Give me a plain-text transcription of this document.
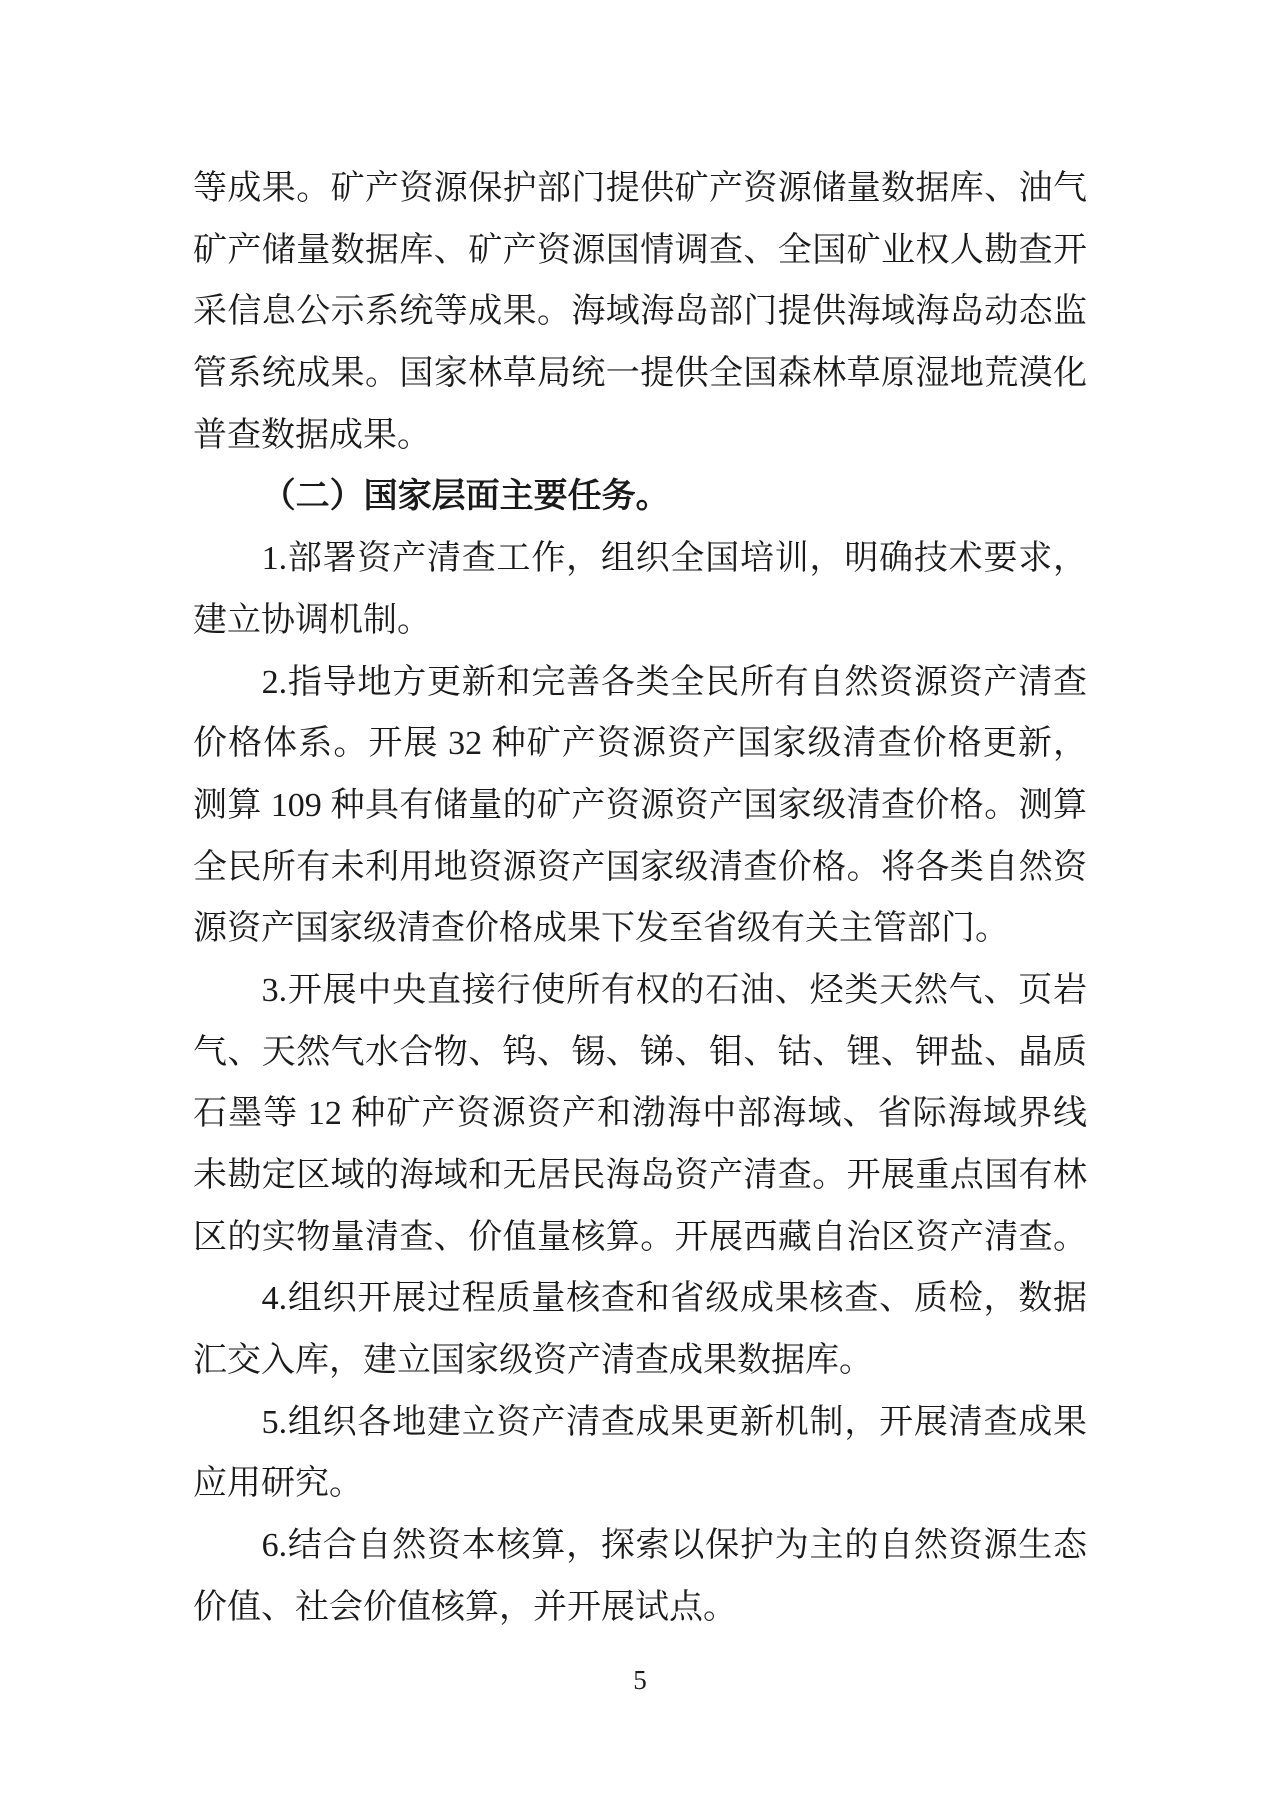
等成果。矿产资源保护部门提供矿产资源储量数据库、油气
矿产储量数据库、矿产资源国情调查、全国矿业权人勘查开
采信息公示系统等成果。海域海岛部门提供海域海岛动态监
管系统成果。国家林草局统一提供全国森林草原湿地荒漠化
普查数据成果。
（二）国家层面主要任务。
1.部署资产清查工作，组织全国培训，明确技术要求，
建立协调机制。
2.指导地方更新和完善各类全民所有自然资源资产清查
价格体系。开展 32 种矿产资源资产国家级清查价格更新，
测算 109 种具有储量的矿产资源资产国家级清查价格。测算
全民所有未利用地资源资产国家级清查价格。将各类自然资
源资产国家级清查价格成果下发至省级有关主管部门。
3.开展中央直接行使所有权的石油、烃类天然气、页岩
气、天然气水合物、钨、锡、锑、钼、钴、锂、钾盐、晶质
石墨等 12 种矿产资源资产和渤海中部海域、省际海域界线
未勘定区域的海域和无居民海岛资产清查。开展重点国有林
区的实物量清查、价值量核算。开展西藏自治区资产清查。
4.组织开展过程质量核查和省级成果核查、质检，数据
汇交入库，建立国家级资产清查成果数据库。
5.组织各地建立资产清查成果更新机制，开展清查成果
应用研究。
6.结合自然资本核算，探索以保护为主的自然资源生态
价值、社会价值核算，并开展试点。
5
